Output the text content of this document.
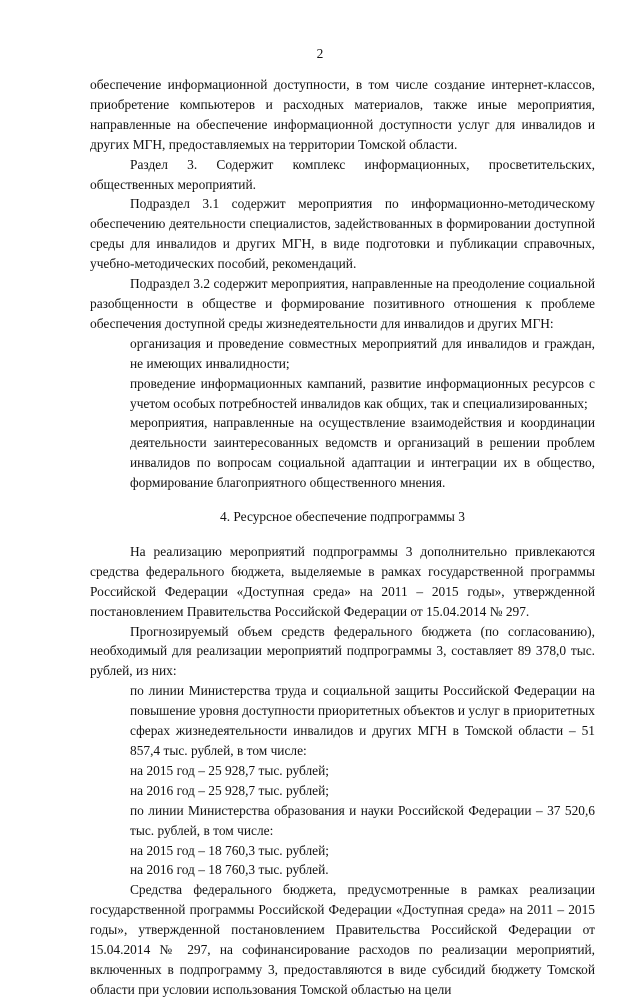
2

обеспечение информационной доступности, в том числе создание интернет-классов, приобретение компьютеров и расходных материалов, также иные мероприятия, направленные на обеспечение информационной доступности услуг для инвалидов и других МГН, предоставляемых на территории Томской области.

Раздел 3. Содержит комплекс информационных, просветительских, общественных мероприятий.

Подраздел 3.1 содержит мероприятия по информационно-методическому обеспечению деятельности специалистов, задействованных в формировании доступной среды для инвалидов и других МГН, в виде подготовки и публикации справочных, учебно-методических пособий, рекомендаций.

Подраздел 3.2 содержит мероприятия, направленные на преодоление социальной разобщенности в обществе и формирование позитивного отношения к проблеме обеспечения доступной среды жизнедеятельности для инвалидов и других МГН:

организация и проведение совместных мероприятий для инвалидов и граждан, не имеющих инвалидности;

проведение информационных кампаний, развитие информационных ресурсов с учетом особых потребностей инвалидов как общих, так и специализированных;

мероприятия, направленные на осуществление взаимодействия и координации деятельности заинтересованных ведомств и организаций в решении проблем инвалидов по вопросам социальной адаптации и интеграции их в общество, формирование благоприятного общественного мнения.

4. Ресурсное обеспечение подпрограммы 3

На реализацию мероприятий подпрограммы 3 дополнительно привлекаются средства федерального бюджета, выделяемые в рамках государственной программы Российской Федерации «Доступная среда» на 2011 – 2015 годы», утвержденной постановлением Правительства Российской Федерации от 15.04.2014 № 297.

Прогнозируемый объем средств федерального бюджета (по согласованию), необходимый для реализации мероприятий подпрограммы 3, составляет 89 378,0 тыс. рублей, из них:

по линии Министерства труда и социальной защиты Российской Федерации на повышение уровня доступности приоритетных объектов и услуг в приоритетных сферах жизнедеятельности инвалидов и других МГН в Томской области – 51 857,4 тыс. рублей, в том числе:

на 2015 год – 25 928,7 тыс. рублей;

на 2016 год – 25 928,7 тыс. рублей;

по линии Министерства образования и науки Российской Федерации – 37 520,6 тыс. рублей, в том числе:

на 2015 год – 18 760,3 тыс. рублей;

на 2016 год – 18 760,3 тыс. рублей.

Средства федерального бюджета, предусмотренные в рамках реализации государственной программы Российской Федерации «Доступная среда» на 2011 – 2015 годы», утвержденной постановлением Правительства Российской Федерации от 15.04.2014 № 297, на софинансирование расходов по реализации мероприятий, включенных в подпрограмму 3, предоставляются в виде субсидий бюджету Томской области при условии использования Томской областью на цели
